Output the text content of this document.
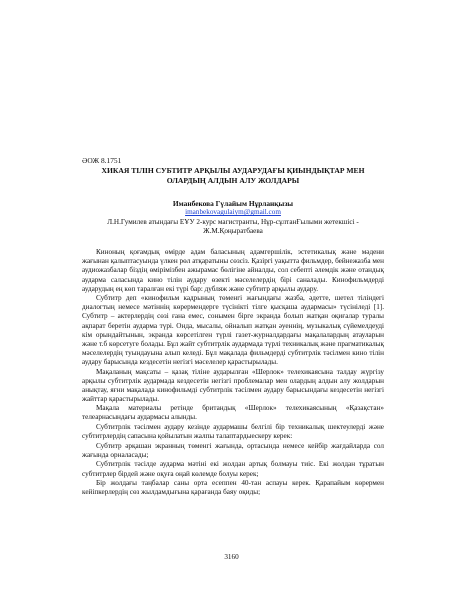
ӘОЖ 8.1751
ХИКАЯ ТІЛІН СУБТИТР АРҚЫЛЫ АУДАРУДАҒЫ ҚИЫНДЫҚТАР МЕН
ОЛАРДЫҢ АЛДЫН АЛУ ЖОЛДАРЫ
Иманбекова Гүлайым Нұрланқызы
imanbekovagulaiym@gmail.com
Л.Н.Гумилев атындағы ЕҰУ 2-курс магистранты, Нұр-сұлтанҒылыми жетекшісі -
Ж.М.Қоңыратбаева

Киноның қоғамдық өмірде адам баласының адамгершілік, эстетикалық және мәдени жағынан қалыптасуында үлкен рөл атқаратыны сөзсіз. Қазіргі уақытта фильмдер, бейнежазба мен аудиожазбалар біздің өмірімізбен ажырамас бөлігіне айналды, сол себепті әлемдік және отандық аударма саласында кино тілін аудару өзекті мәселелердің бірі саналады. Кинофильмдерді аударудың ең көп таралған екі түрі бар: дубляж және субтитр арқылы аудару.

Субтитр деп «кинофильм кадрының төменгі жағындағы жазба, әдетте, шетел тіліндегі диалогтың немесе мәтіннің көрермендерге түсінікті тілге қысқаша аудармасы» түсініледі [1]. Субтитр – актерлердің сөзі ғана емес, сонымен бірге экранда болып жатқан оқиғалар туралы ақпарат беретін аударма түрі. Онда, мысалы, ойналып жатқан әуеннің, музыкалық сүйемелдеуді кім орындайтынын, экранда көрсетілген түрлі газет-журналдардағы мақалалардың атауларын және т.б көрсетуге болады. Бұл жайт субтитрлік аудармада түрлі техникалық және прагматикалық мәселелердің туындауына алып келеді. Бұл мақалада фильмдерді субтитрлік тәсілмен кино тілін аудару барысында кездесетін негізгі мәселелер қарастырылады.

Мақаланың мақсаты – қазақ тіліне аударылған «Шерлок» телехикаясына талдау жүргізу арқылы субтитрлік аудармада кездесетін негізгі проблемалар мен олардың алдын алу жолдарын анықтау, яғни мақалада кинофильмді субтитрлік тәсілмен аудару барысындағы кездесетін негізгі жайттар қарастырылады.

Мақала материалы ретінде британдық «Шерлок» телехикаясының «Қазақстан» телеарнасындағы аудармасы алынды.

Субтитрлік тәсілмен аудару кезінде аудармашы белгілі бір техникалық шектеулерді және субтитрлердің сапасына қойылатын жалпы талаптардыескеру керек:

Субтитр әрқашан экранның төменгі жағында, ортасында немесе кейбір жағдайларда сол жағында орналасады;

Субтитрлік тәсілде аударма мәтіні екі жолдан артық болмауы тиіс. Екі жолдан тұратын субтитрлер бірдей және оқуға оңай көлемде болуы керек;

Бір жолдағы таңбалар саны орта есеппен 40-тан аспауы керек. Қарапайым көрермен кейіпкерлердің сөз жылдамдығына қарағанда баяу оқиды;

3160
